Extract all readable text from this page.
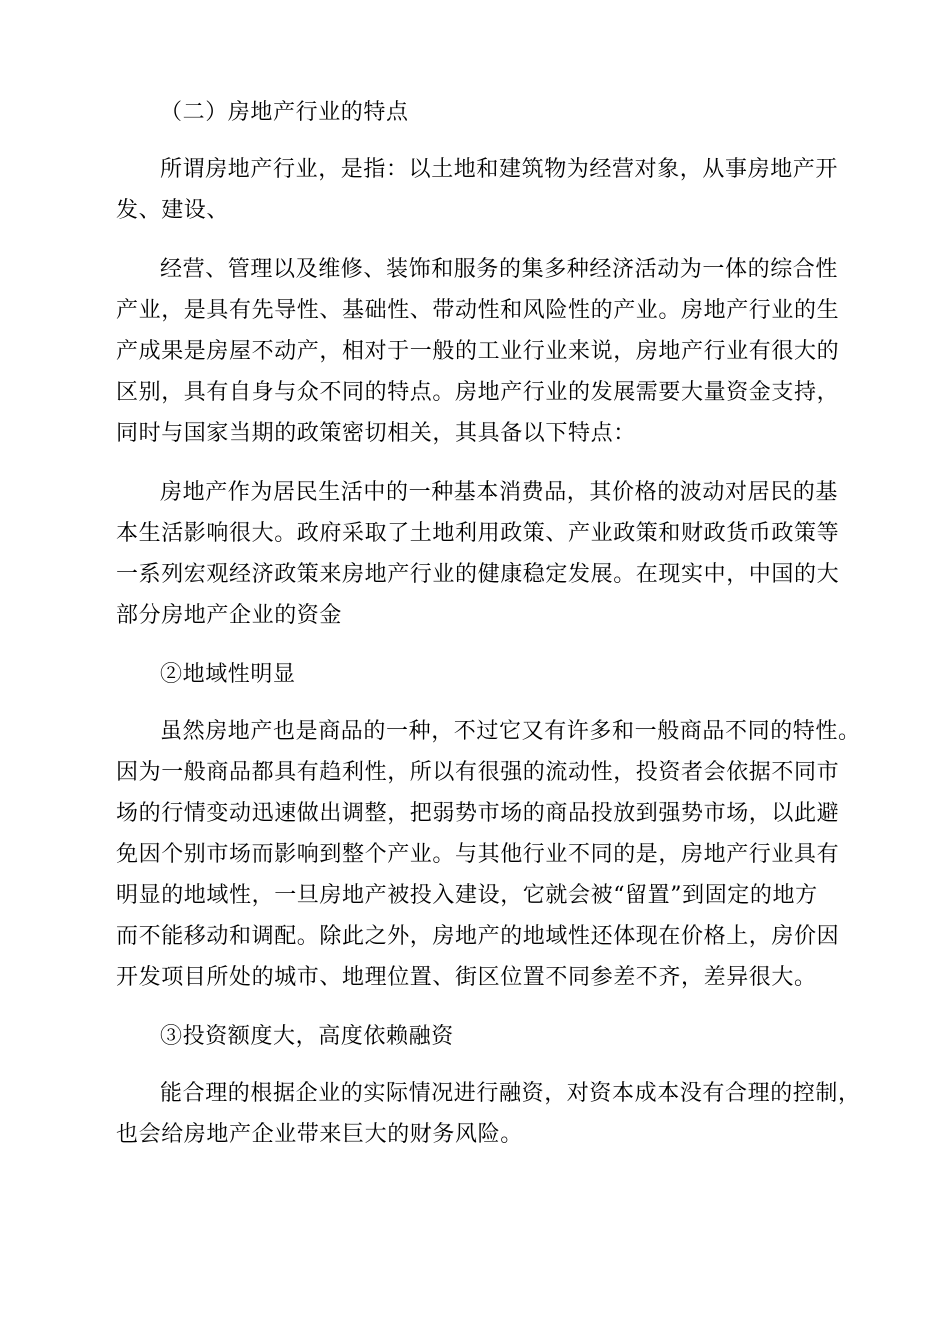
（二）房地产行业的特点

所谓房地产行业，是指：以土地和建筑物为经营对象，从事房地产开
发、建设、

经营、管理以及维修、装饰和服务的集多种经济活动为一体的综合性
产业，是具有先导性、基础性、带动性和风险性的产业。房地产行业的生
产成果是房屋不动产，相对于一般的工业行业来说，房地产行业有很大的
区别，具有自身与众不同的特点。房地产行业的发展需要大量资金支持，
同时与国家当期的政策密切相关，其具备以下特点：

房地产作为居民生活中的一种基本消费品，其价格的波动对居民的基
本生活影响很大。政府采取了土地利用政策、产业政策和财政货币政策等
一系列宏观经济政策来房地产行业的健康稳定发展。在现实中，中国的大
部分房地产企业的资金

②地域性明显

虽然房地产也是商品的一种，不过它又有许多和一般商品不同的特性。
因为一般商品都具有趋利性，所以有很强的流动性，投资者会依据不同市
场的行情变动迅速做出调整，把弱势市场的商品投放到强势市场，以此避
免因个别市场而影响到整个产业。与其他行业不同的是，房地产行业具有
明显的地域性，一旦房地产被投入建设，它就会被“留置”到固定的地方
而不能移动和调配。除此之外，房地产的地域性还体现在价格上，房价因
开发项目所处的城市、地理位置、街区位置不同参差不齐，差异很大。

③投资额度大，高度依赖融资

能合理的根据企业的实际情况进行融资，对资本成本没有合理的控制，
也会给房地产企业带来巨大的财务风险。
